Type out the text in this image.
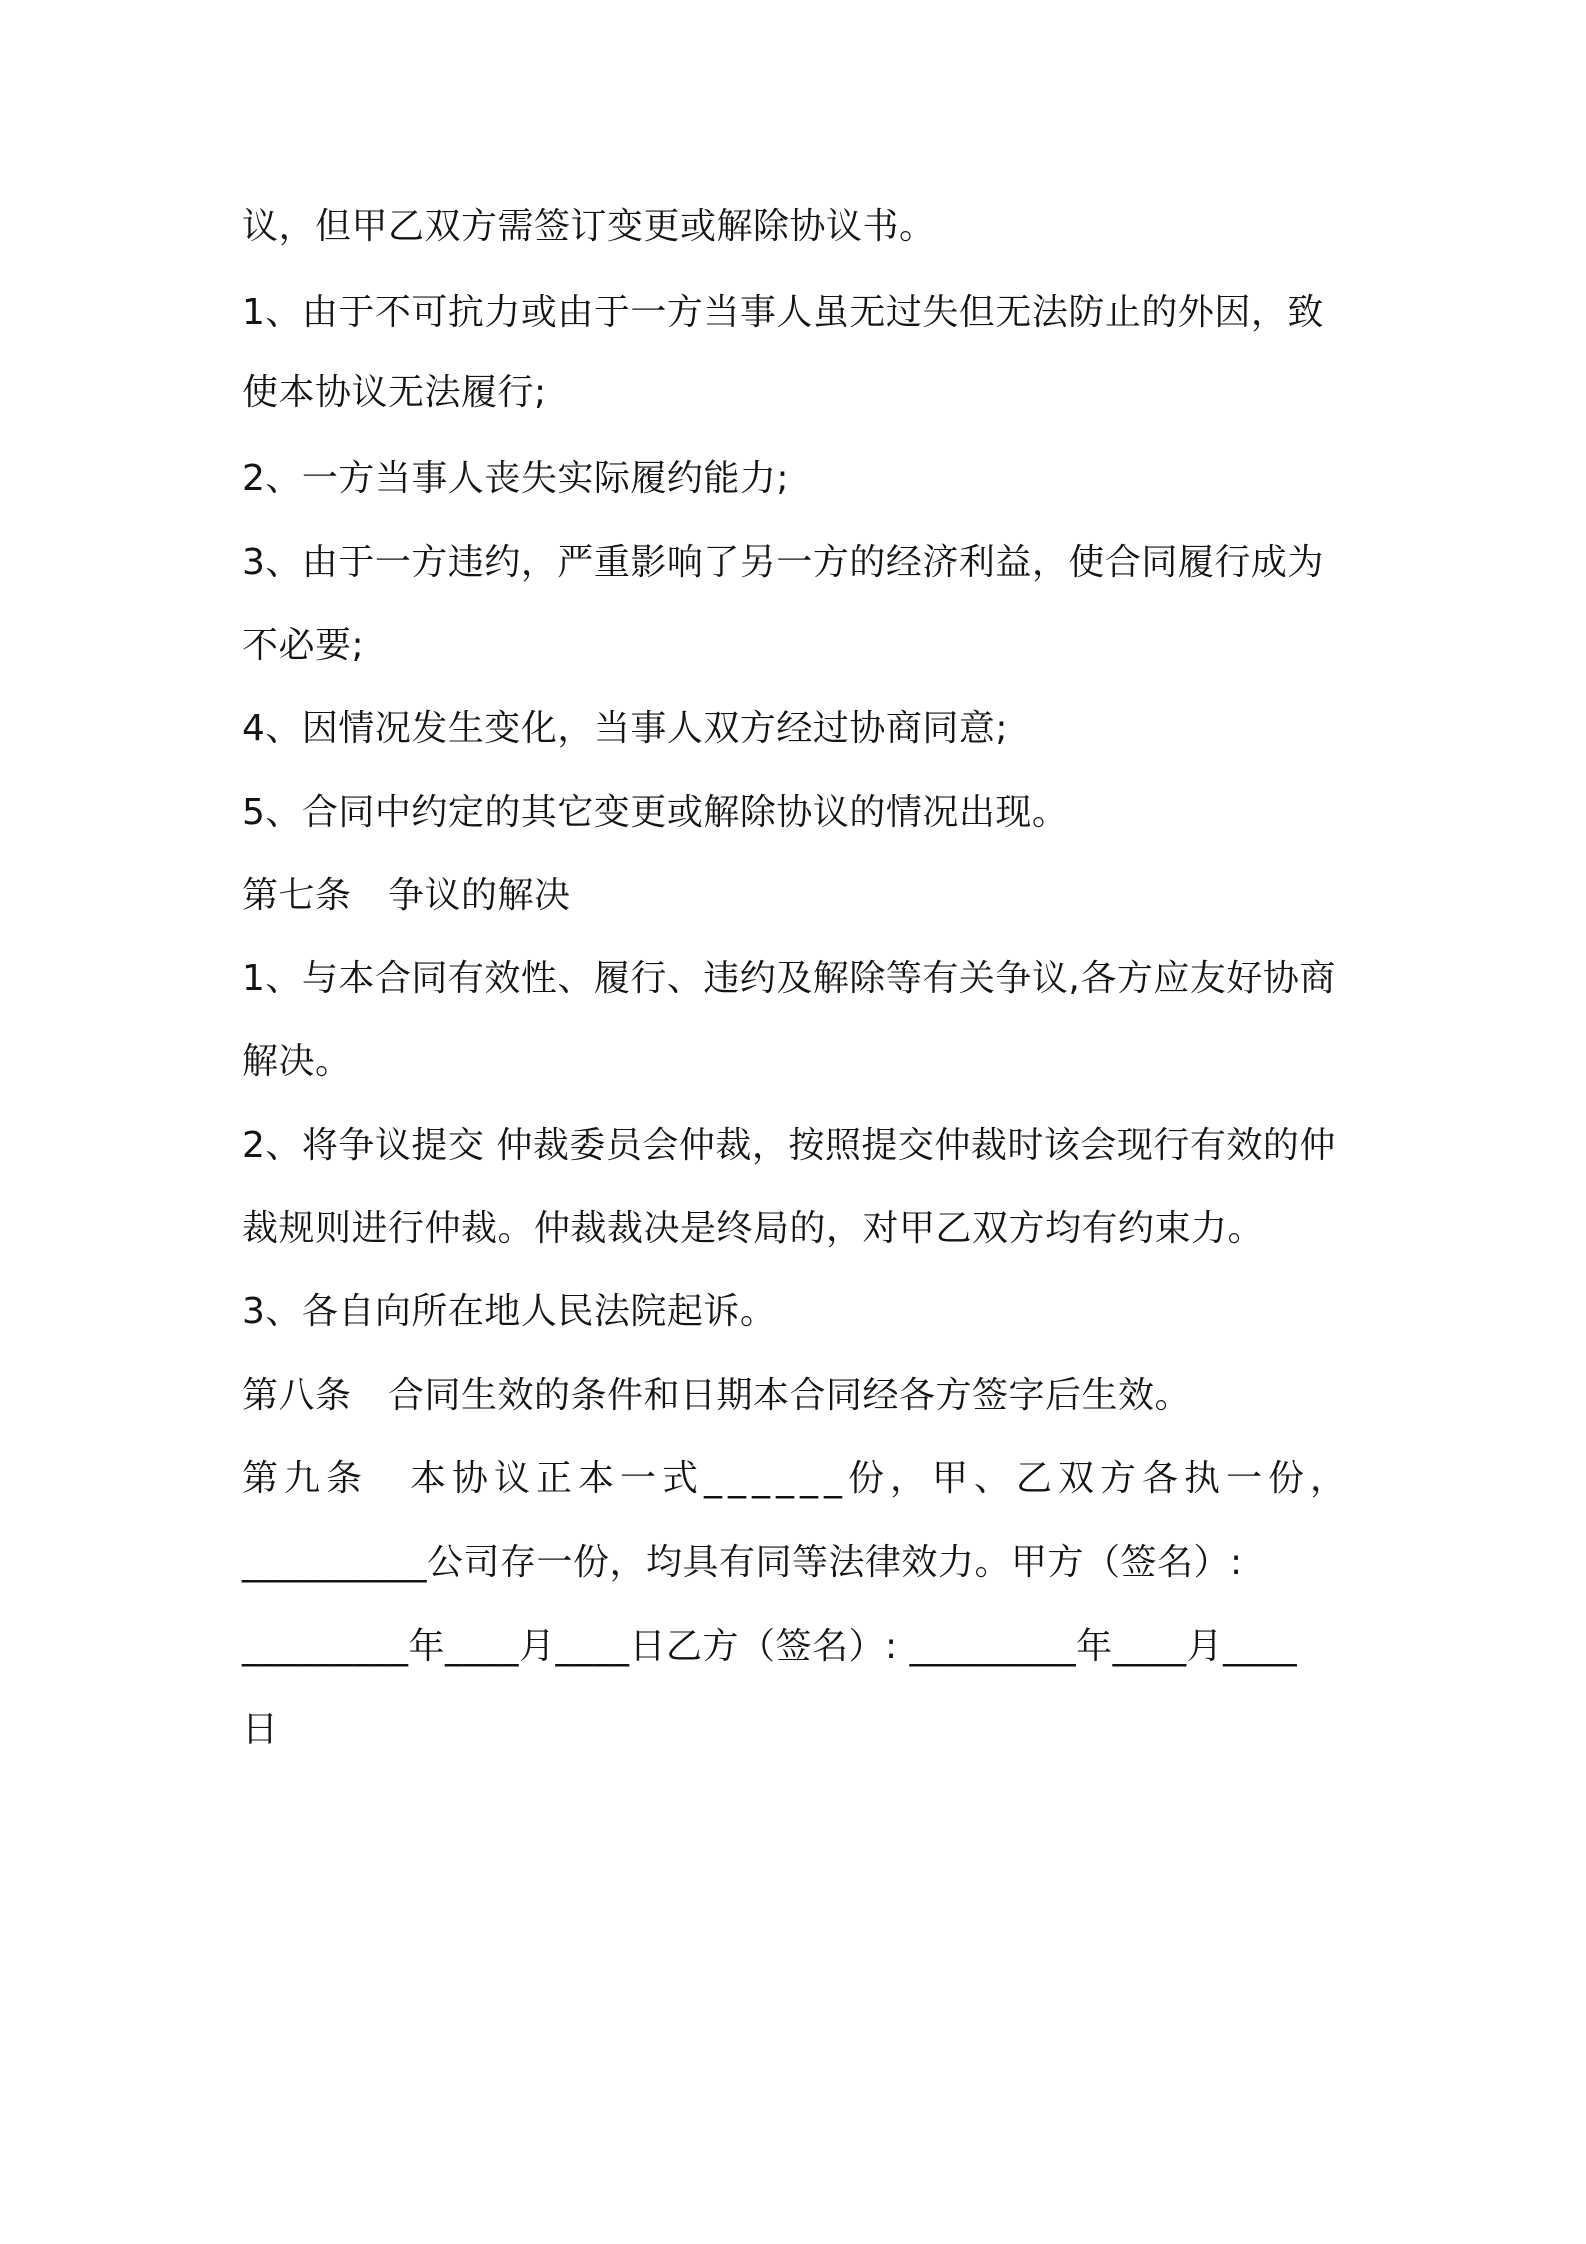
议，但甲乙双方需签订变更或解除协议书。

1、由于不可抗力或由于一方当事人虽无过失但无法防止的外因，致

使本协议无法履行;

2、一方当事人丧失实际履约能力;

3、由于一方违约，严重影响了另一方的经济利益，使合同履行成为

不必要;

4、因情况发生变化，当事人双方经过协商同意;

5、合同中约定的其它变更或解除协议的情况出现。

第七条　争议的解决

1、与本合同有效性、履行、违约及解除等有关争议,各方应友好协商

解决。

2、将争议提交 仲裁委员会仲裁，按照提交仲裁时该会现行有效的仲

裁规则进行仲裁。仲裁裁决是终局的，对甲乙双方均有约束力。

3、各自向所在地人民法院起诉。

第八条　合同生效的条件和日期本合同经各方签字后生效。

第九条　本协议正本一式______份，甲、乙双方各执一份，

__________公司存一份，均具有同等法律效力。甲方（签名）:

_________年____月____日乙方（签名）: _________年____月____

日
